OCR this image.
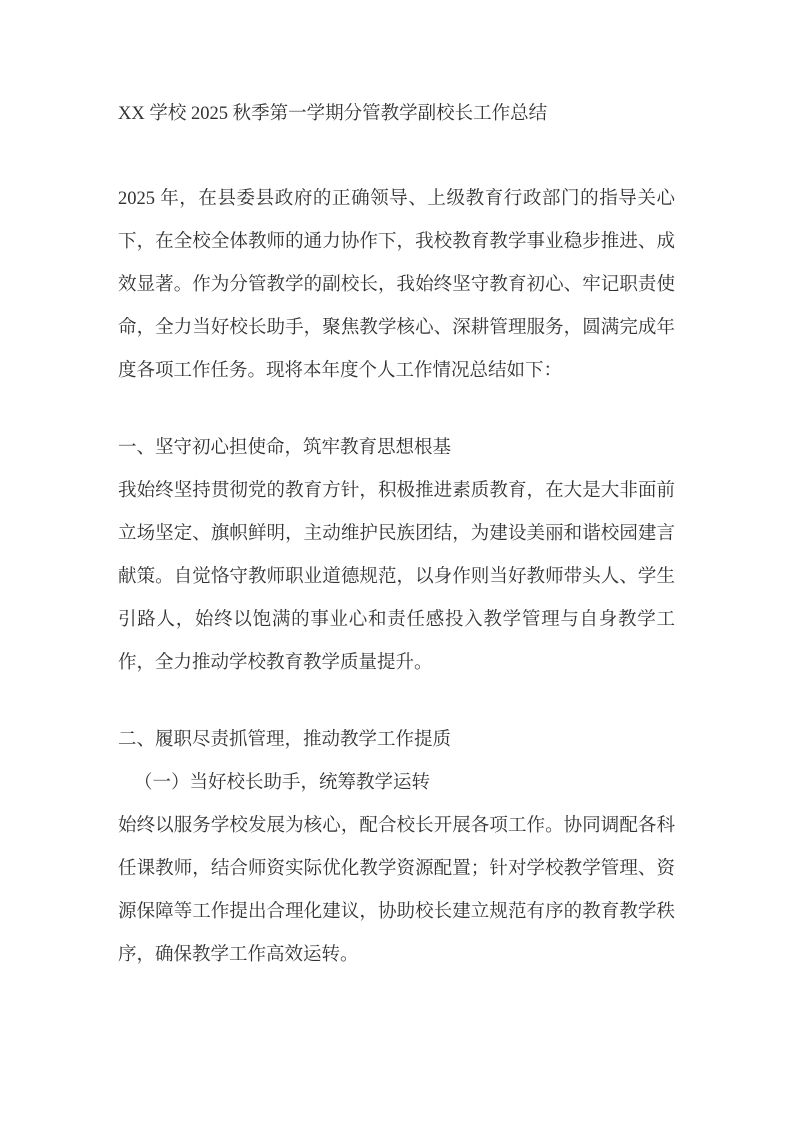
XX 学校 2025 秋季第一学期分管教学副校长工作总结

2025 年，在县委县政府的正确领导、上级教育行政部门的指导关心下，在全校全体教师的通力协作下，我校教育教学事业稳步推进、成效显著。作为分管教学的副校长，我始终坚守教育初心、牢记职责使命，全力当好校长助手，聚焦教学核心、深耕管理服务，圆满完成年度各项工作任务。现将本年度个人工作情况总结如下：

一、坚守初心担使命，筑牢教育思想根基

我始终坚持贯彻党的教育方针，积极推进素质教育，在大是大非面前立场坚定、旗帜鲜明，主动维护民族团结，为建设美丽和谐校园建言献策。自觉恪守教师职业道德规范，以身作则当好教师带头人、学生引路人，始终以饱满的事业心和责任感投入教学管理与自身教学工作，全力推动学校教育教学质量提升。

二、履职尽责抓管理，推动教学工作提质
（一）当好校长助手，统筹教学运转

始终以服务学校发展为核心，配合校长开展各项工作。协同调配各科任课教师，结合师资实际优化教学资源配置；针对学校教学管理、资源保障等工作提出合理化建议，协助校长建立规范有序的教育教学秩序，确保教学工作高效运转。
